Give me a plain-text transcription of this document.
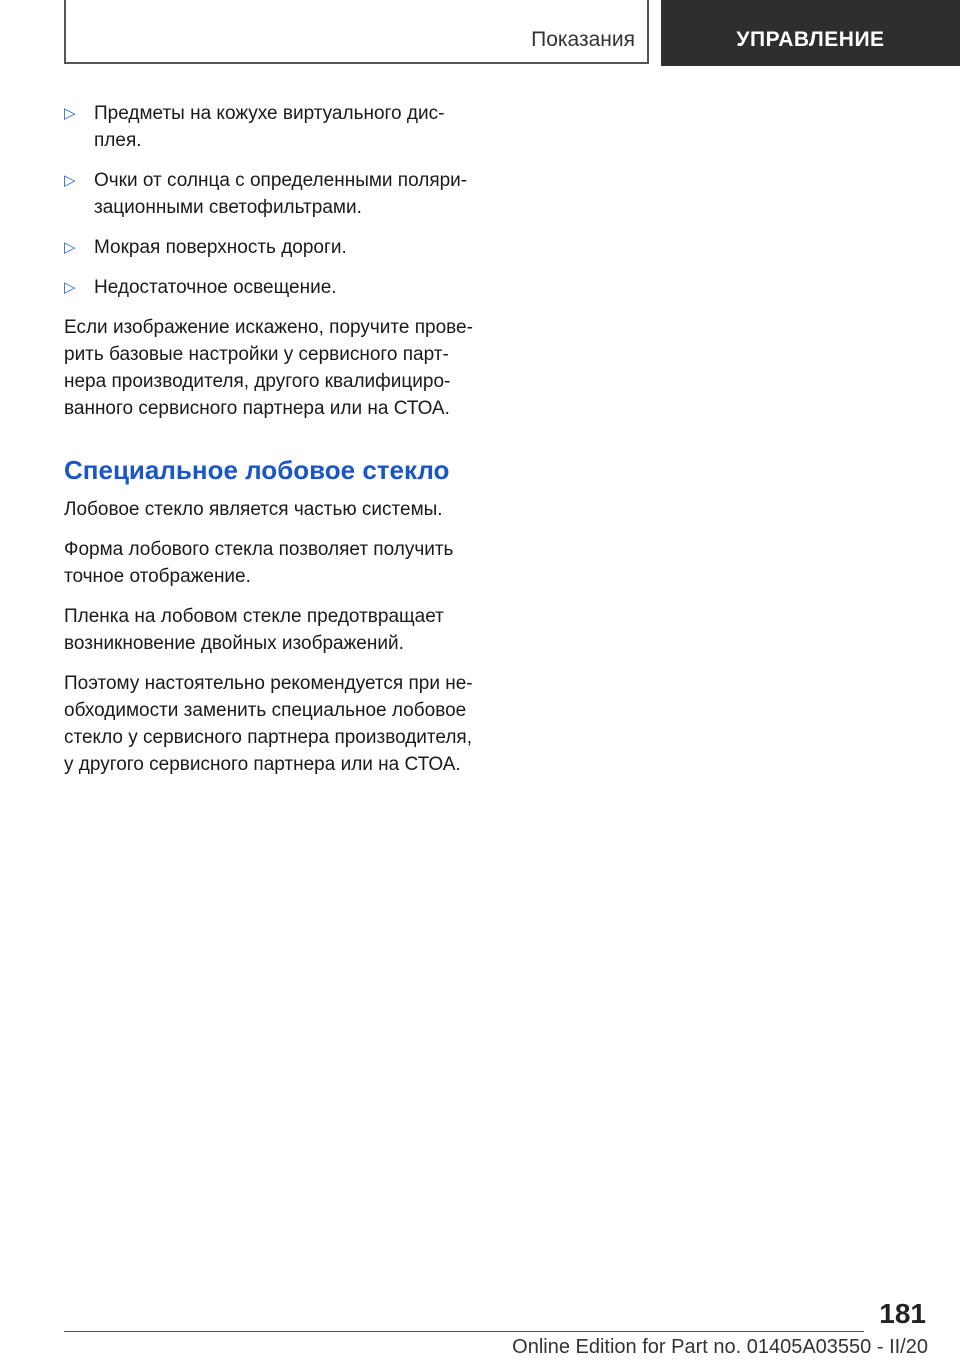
Показания	УПРАВЛЕНИЕ
▷ Предметы на кожухе виртуального дис-
плея.
▷ Очки от солнца с определенными поляри-
зационными светофильтрами.
▷ Мокрая поверхность дороги.
▷ Недостаточное освещение.

Если изображение искажено, поручите прове-
рить базовые настройки у сервисного парт-
нера производителя, другого квалифициро-
ванного сервисного партнера или на СТОА.

Специальное лобовое стекло

Лобовое стекло является частью системы.

Форма лобового стекла позволяет получить
точное отображение.

Пленка на лобовом стекле предотвращает
возникновение двойных изображений.

Поэтому настоятельно рекомендуется при не-
обходимости заменить специальное лобовое
стекло у сервисного партнера производителя,
у другого сервисного партнера или на СТОА.

181
Online Edition for Part no. 01405A03550 - II/20
